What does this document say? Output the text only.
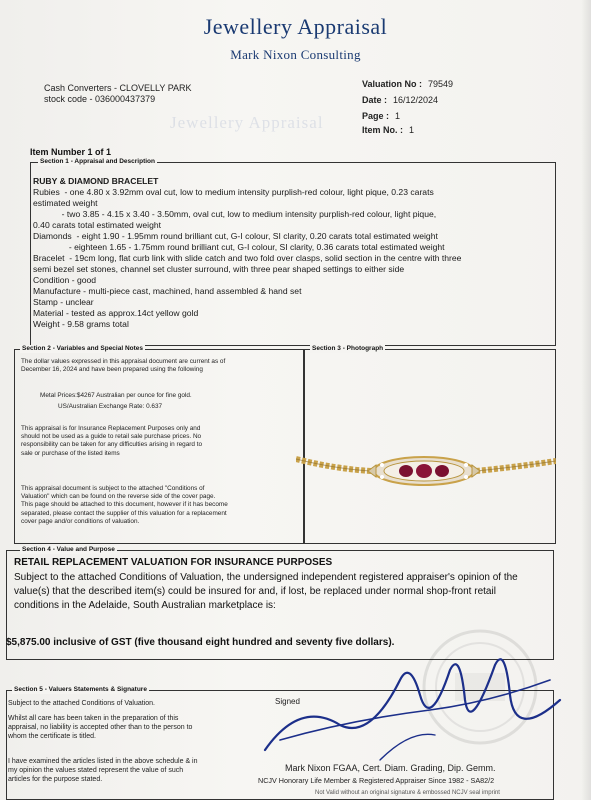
Jewellery Appraisal
Mark Nixon Consulting
Cash Converters - CLOVELLY PARK
stock code - 036000437379
Valuation No : 79549
Date : 16/12/2024
Page : 1
Item No. : 1
Jewellery Appraisal
Item Number 1 of 1
Section 1 - Appraisal and Description
RUBY & DIAMOND BRACELET
Rubies  - one 4.80 x 3.92mm oval cut, low to medium intensity purplish-red colour, light pique, 0.23 carats
estimated weight
- two 3.85 - 4.15 x 3.40 - 3.50mm, oval cut, low to medium intensity purplish-red colour, light pique,
0.40 carats total estimated weight
Diamonds  - eight 1.90 - 1.95mm round brilliant cut, G-I colour, SI clarity, 0.20 carats total estimated weight
- eighteen 1.65 - 1.75mm round brilliant cut, G-I colour, SI clarity, 0.36 carats total estimated weight
Bracelet  - 19cm long, flat curb link with slide catch and two fold over clasps, solid section in the centre with three
semi bezel set stones, channel set cluster surround, with three pear shaped settings to either side
Condition - good
Manufacture - multi-piece cast, machined, hand assembled & hand set
Stamp - unclear
Material - tested as approx.14ct yellow gold
Weight - 9.58 grams total
Section 2 - Variables and Special Notes
The dollar values expressed in this appraisal document are current as of
December 16, 2024 and have been prepared using the following
Metal Prices:$4267 Australian per ounce for fine gold.
US/Australian Exchange Rate: 0.637
This appraisal is for Insurance Replacement Purposes only and
should not be used as a guide to retail sale purchase prices. No
responsibility can be taken for any difficulties arising in regard to
sale or purchase of the listed items
This appraisal document is subject to the attached "Conditions of
Valuation" which can be found on the reverse side of the cover page.
This page should be attached to this document, however if it has become
separated, please contact the supplier of this valuation for a replacement
cover page and/or conditions of valuation.
Section 3 - Photograph
Section 4 - Value and Purpose
RETAIL REPLACEMENT VALUATION FOR INSURANCE PURPOSES
Subject to the attached Conditions of Valuation, the undersigned independent registered appraiser's opinion of the value(s) that the described item(s) could be insured for and, if lost, be replaced under normal shop-front retail conditions in the Adelaide, South Australian marketplace is:
$5,875.00 inclusive of GST (five thousand eight hundred and seventy five dollars).
Section 5 - Valuers Statements & Signature
Subject to the attached Conditions of Valuation.
Whilst all care has been taken in the preparation of this
appraisal, no liability is accepted other than to the person to
whom the certificate is titled.
I have examined the articles listed in the above schedule & in
my opinion the values stated represent the value of such
articles for the purpose stated.
Signed
Mark Nixon FGAA, Cert. Diam. Grading, Dip. Gemm.
NCJV Honorary Life Member & Registered Appraiser Since 1982 - SA82/2
Not Valid without an original signature & embossed NCJV seal imprint
